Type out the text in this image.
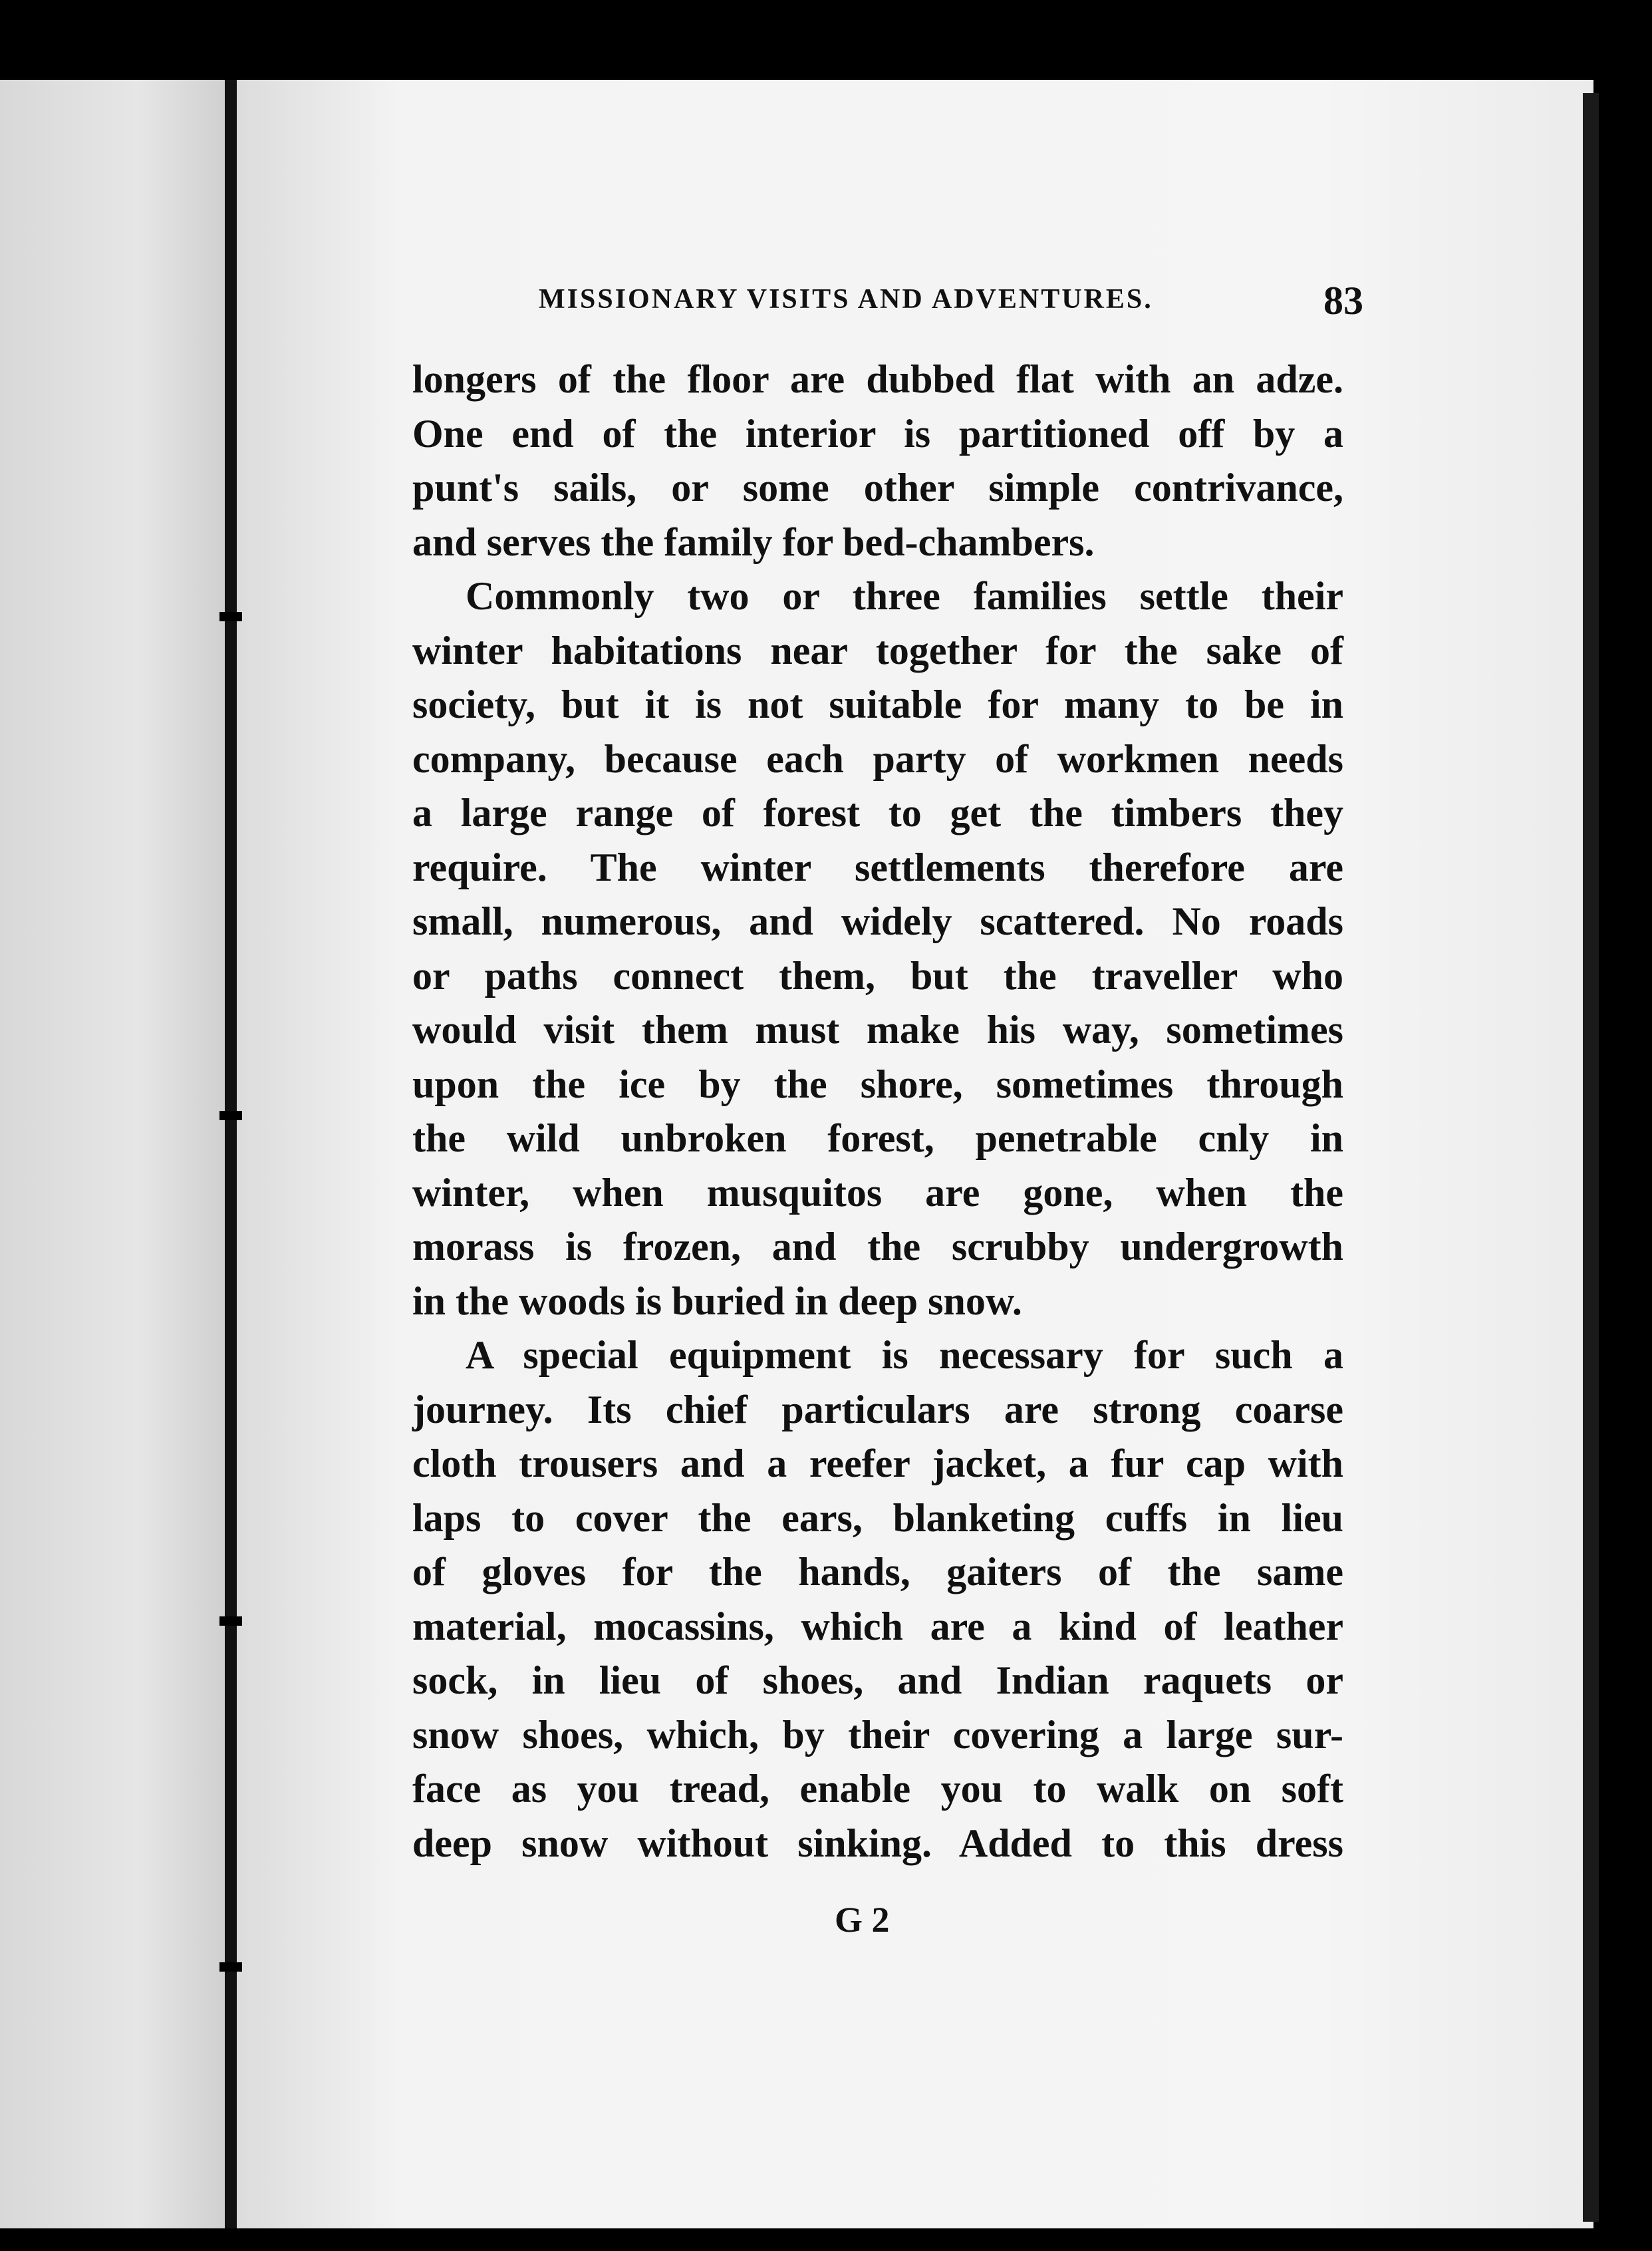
MISSIONARY VISITS AND ADVENTURES.	83
longers of the floor are dubbed flat with an adze.
One end of the interior is partitioned off by a
punt's sails, or some other simple contrivance,
and serves the family for bed-chambers.
Commonly two or three families settle their
winter habitations near together for the sake of
society, but it is not suitable for many to be in
company, because each party of workmen needs
a large range of forest to get the timbers they
require. The winter settlements therefore are
small, numerous, and widely scattered. No roads
or paths connect them, but the traveller who
would visit them must make his way, sometimes
upon the ice by the shore, sometimes through
the wild unbroken forest, penetrable cnly in
winter, when musquitos are gone, when the
morass is frozen, and the scrubby undergrowth
in the woods is buried in deep snow.
A special equipment is necessary for such a
journey. Its chief particulars are strong coarse
cloth trousers and a reefer jacket, a fur cap with
laps to cover the ears, blanketing cuffs in lieu
of gloves for the hands, gaiters of the same
material, mocassins, which are a kind of leather
sock, in lieu of shoes, and Indian raquets or
snow shoes, which, by their covering a large sur-
face as you tread, enable you to walk on soft
deep snow without sinking. Added to this dress
G 2
